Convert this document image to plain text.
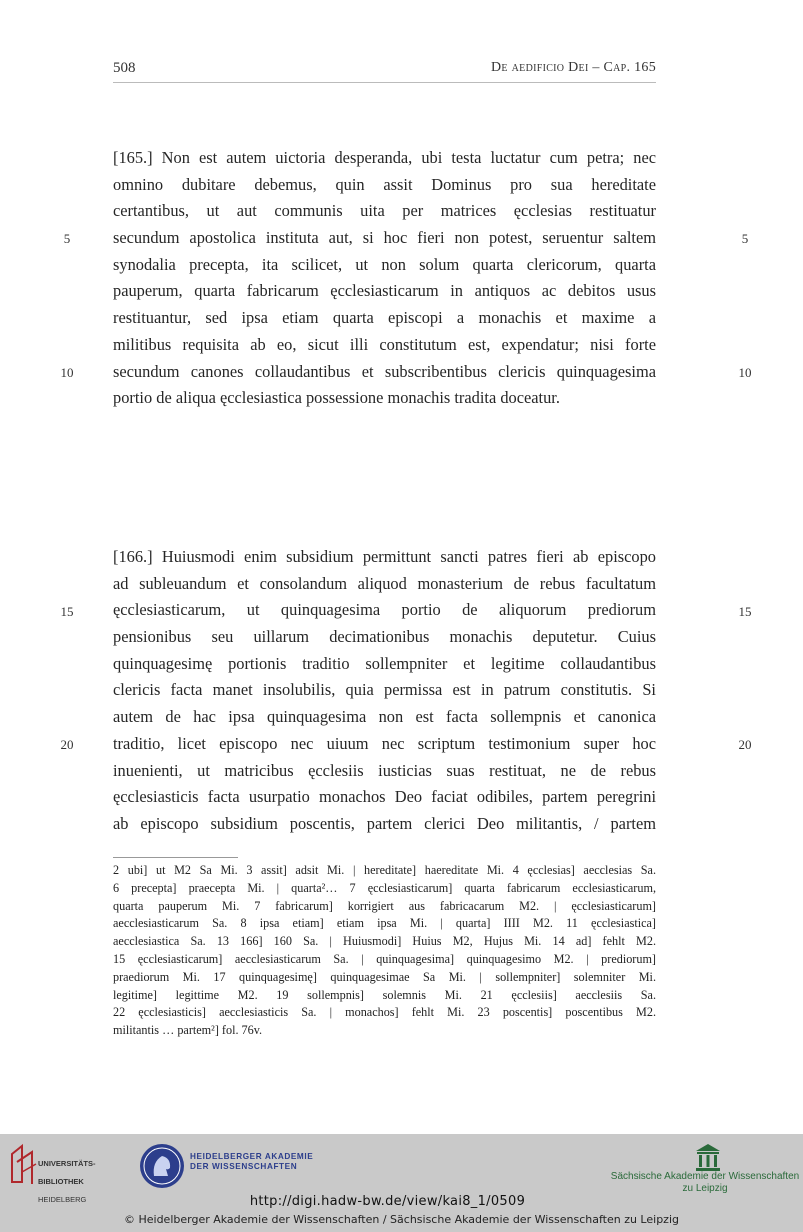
508	De aedificio Dei – Cap. 165
[165.] Non est autem uictoria desperanda, ubi testa luctatur cum petra; nec
omnino dubitare debemus, quin assit Dominus pro sua hereditate
certantibus, ut aut communis uita per matrices ęcclesias restituatur
secundum apostolica instituta aut, si hoc fieri non potest, seruentur saltem
synodalia precepta, ita scilicet, ut non solum quarta clericorum, quarta
pauperum, quarta fabricarum ęcclesiasticarum in antiquos ac debitos usus
restituantur, sed ipsa etiam quarta episcopi a monachis et maxime a
militibus requisita ab eo, sicut illi constitutum est, expendatur; nisi forte
secundum canones collaudantibus et subscribentibus clericis quinquagesima
portio de aliqua ęcclesiastica possessione monachis tradita doceatur.
[166.] Huiusmodi enim subsidium permittunt sancti patres fieri ab episcopo
ad subleuandum et consolandum aliquod monasterium de rebus facultatum
ęcclesiasticarum, ut quinquagesima portio de aliquorum prediorum
pensionibus seu uillarum decimationibus monachis deputetur. Cuius
quinquagesimę portionis traditio sollempniter et legitime collaudantibus
clericis facta manet insolubilis, quia permissa est in patrum constitutis. Si
autem de hac ipsa quinquagesima non est facta sollempnis et canonica
traditio, licet episcopo nec uiuum nec scriptum testimonium super hoc
inuenienti, ut matricibus ęcclesiis iusticias suas restituat, ne de rebus
ęcclesiasticis facta usurpatio monachos Deo faciat odibiles, partem peregrini
ab episcopo subsidium poscentis, partem clerici Deo militantis, / partem
5	5
10	10
15	15
20	20
2 ubi] ut M2 Sa Mi. 3 assit] adsit Mi. | hereditate] haereditate Mi. 4 ęcclesias] aecclesias Sa.
6 precepta] praecepta Mi. | quarta²… 7 ęcclesiasticarum] quarta fabricarum ecclesiasticarum,
quarta pauperum Mi. 7 fabricarum] korrigiert aus fabricacarum M2. | ęcclesiasticarum]
aecclesiasticarum Sa. 8 ipsa etiam] etiam ipsa Mi. | quarta] IIII M2. 11 ęcclesiastica]
aecclesiastica Sa. 13 166] 160 Sa. | Huiusmodi] Huius M2, Hujus Mi. 14 ad] fehlt M2.
15 ęcclesiasticarum] aecclesiasticarum Sa. | quinquagesima] quinquagesimo M2. | prediorum]
praediorum Mi. 17 quinquagesimę] quinquagesimae Sa Mi. | sollempniter] solemniter Mi.
legitime] legittime M2. 19 sollempnis] solemnis Mi. 21 ęcclesiis] aecclesiis Sa.
22 ęcclesiasticis] aecclesiasticis Sa. | monachos] fehlt Mi. 23 poscentis] poscentibus M2.
militantis … partem²] fol. 76v.

UNIVERSITÄTS-

BIBLIOTHEK

HEIDELBERG

HEIDELBERGER AKADEMIE
DER WISSENSCHAFTEN
Sächsische Akademie der Wissenschaften
zu Leipzig
http://digi.hadw-bw.de/view/kai8_1/0509
© Heidelberger Akademie der Wissenschaften / Sächsische Akademie der Wissenschaften zu Leipzig
